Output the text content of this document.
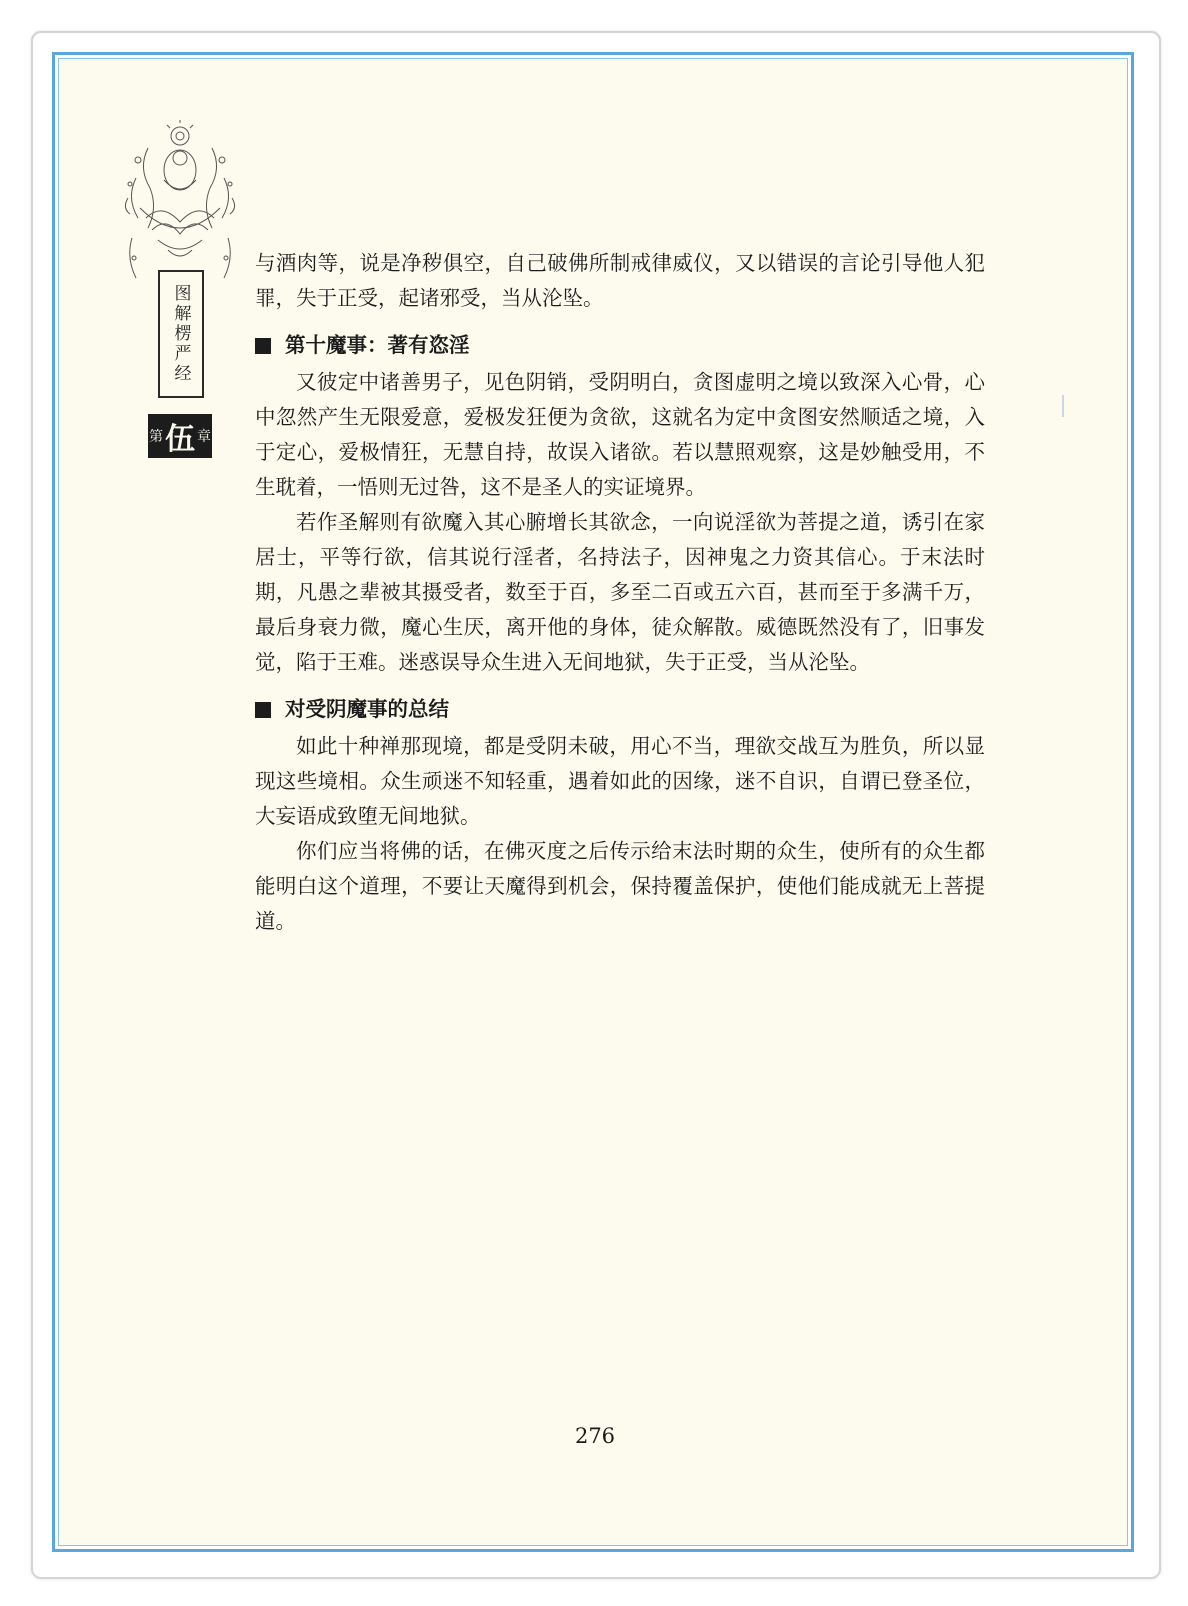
图解楞严经
第 伍 章

与酒肉等，说是净秽俱空，自己破佛所制戒律威仪，又以错误的言论引导他人犯罪，失于正受，起诸邪受，当从沦坠。

第十魔事：著有恣淫

又彼定中诸善男子，见色阴销，受阴明白，贪图虚明之境以致深入心骨，心中忽然产生无限爱意，爱极发狂便为贪欲，这就名为定中贪图安然顺适之境，入于定心，爱极情狂，无慧自持，故误入诸欲。若以慧照观察，这是妙触受用，不生耽着，一悟则无过咎，这不是圣人的实证境界。

若作圣解则有欲魔入其心腑增长其欲念，一向说淫欲为菩提之道，诱引在家居士，平等行欲，信其说行淫者，名持法子，因神鬼之力资其信心。于末法时期，凡愚之辈被其摄受者，数至于百，多至二百或五六百，甚而至于多满千万，最后身衰力微，魔心生厌，离开他的身体，徒众解散。威德既然没有了，旧事发觉，陷于王难。迷惑误导众生进入无间地狱，失于正受，当从沦坠。

对受阴魔事的总结

如此十种禅那现境，都是受阴未破，用心不当，理欲交战互为胜负，所以显现这些境相。众生顽迷不知轻重，遇着如此的因缘，迷不自识，自谓已登圣位，大妄语成致堕无间地狱。

你们应当将佛的话，在佛灭度之后传示给末法时期的众生，使所有的众生都能明白这个道理，不要让天魔得到机会，保持覆盖保护，使他们能成就无上菩提道。

276
